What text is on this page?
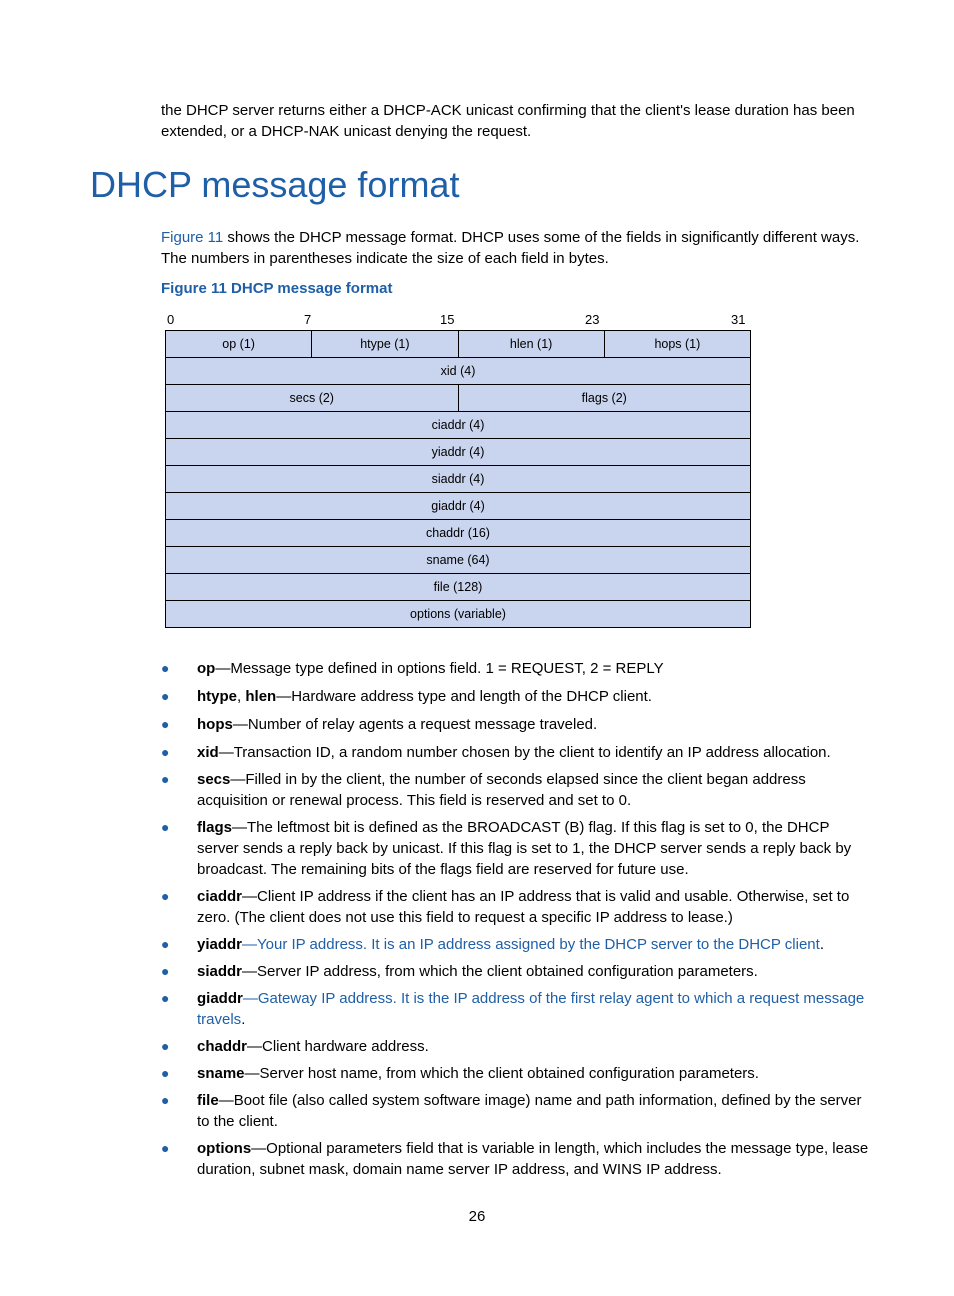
the DHCP server returns either a DHCP-ACK unicast confirming that the client's lease duration has been extended, or a DHCP-NAK unicast denying the request.
DHCP message format
Figure 11 shows the DHCP message format. DHCP uses some of the fields in significantly different ways. The numbers in parentheses indicate the size of each field in bytes.
Figure 11 DHCP message format
0	7	15	23	31
op (1)	htype (1)	hlen (1)	hops (1)
xid (4)
secs (2)	flags (2)
ciaddr (4)
yiaddr (4)
siaddr (4)
giaddr (4)
chaddr (16)
sname (64)
file (128)
options (variable)
● op—Message type defined in options field. 1 = REQUEST, 2 = REPLY
● htype, hlen—Hardware address type and length of the DHCP client.
● hops—Number of relay agents a request message traveled.
● xid—Transaction ID, a random number chosen by the client to identify an IP address allocation.
● secs—Filled in by the client, the number of seconds elapsed since the client began address acquisition or renewal process. This field is reserved and set to 0.
● flags—The leftmost bit is defined as the BROADCAST (B) flag. If this flag is set to 0, the DHCP server sends a reply back by unicast. If this flag is set to 1, the DHCP server sends a reply back by broadcast. The remaining bits of the flags field are reserved for future use.
● ciaddr—Client IP address if the client has an IP address that is valid and usable. Otherwise, set to zero. (The client does not use this field to request a specific IP address to lease.)
● yiaddr—Your IP address. It is an IP address assigned by the DHCP server to the DHCP client.
● siaddr—Server IP address, from which the client obtained configuration parameters.
● giaddr—Gateway IP address. It is the IP address of the first relay agent to which a request message travels.
● chaddr—Client hardware address.
● sname—Server host name, from which the client obtained configuration parameters.
● file—Boot file (also called system software image) name and path information, defined by the server to the client.
● options—Optional parameters field that is variable in length, which includes the message type, lease duration, subnet mask, domain name server IP address, and WINS IP address.
26
